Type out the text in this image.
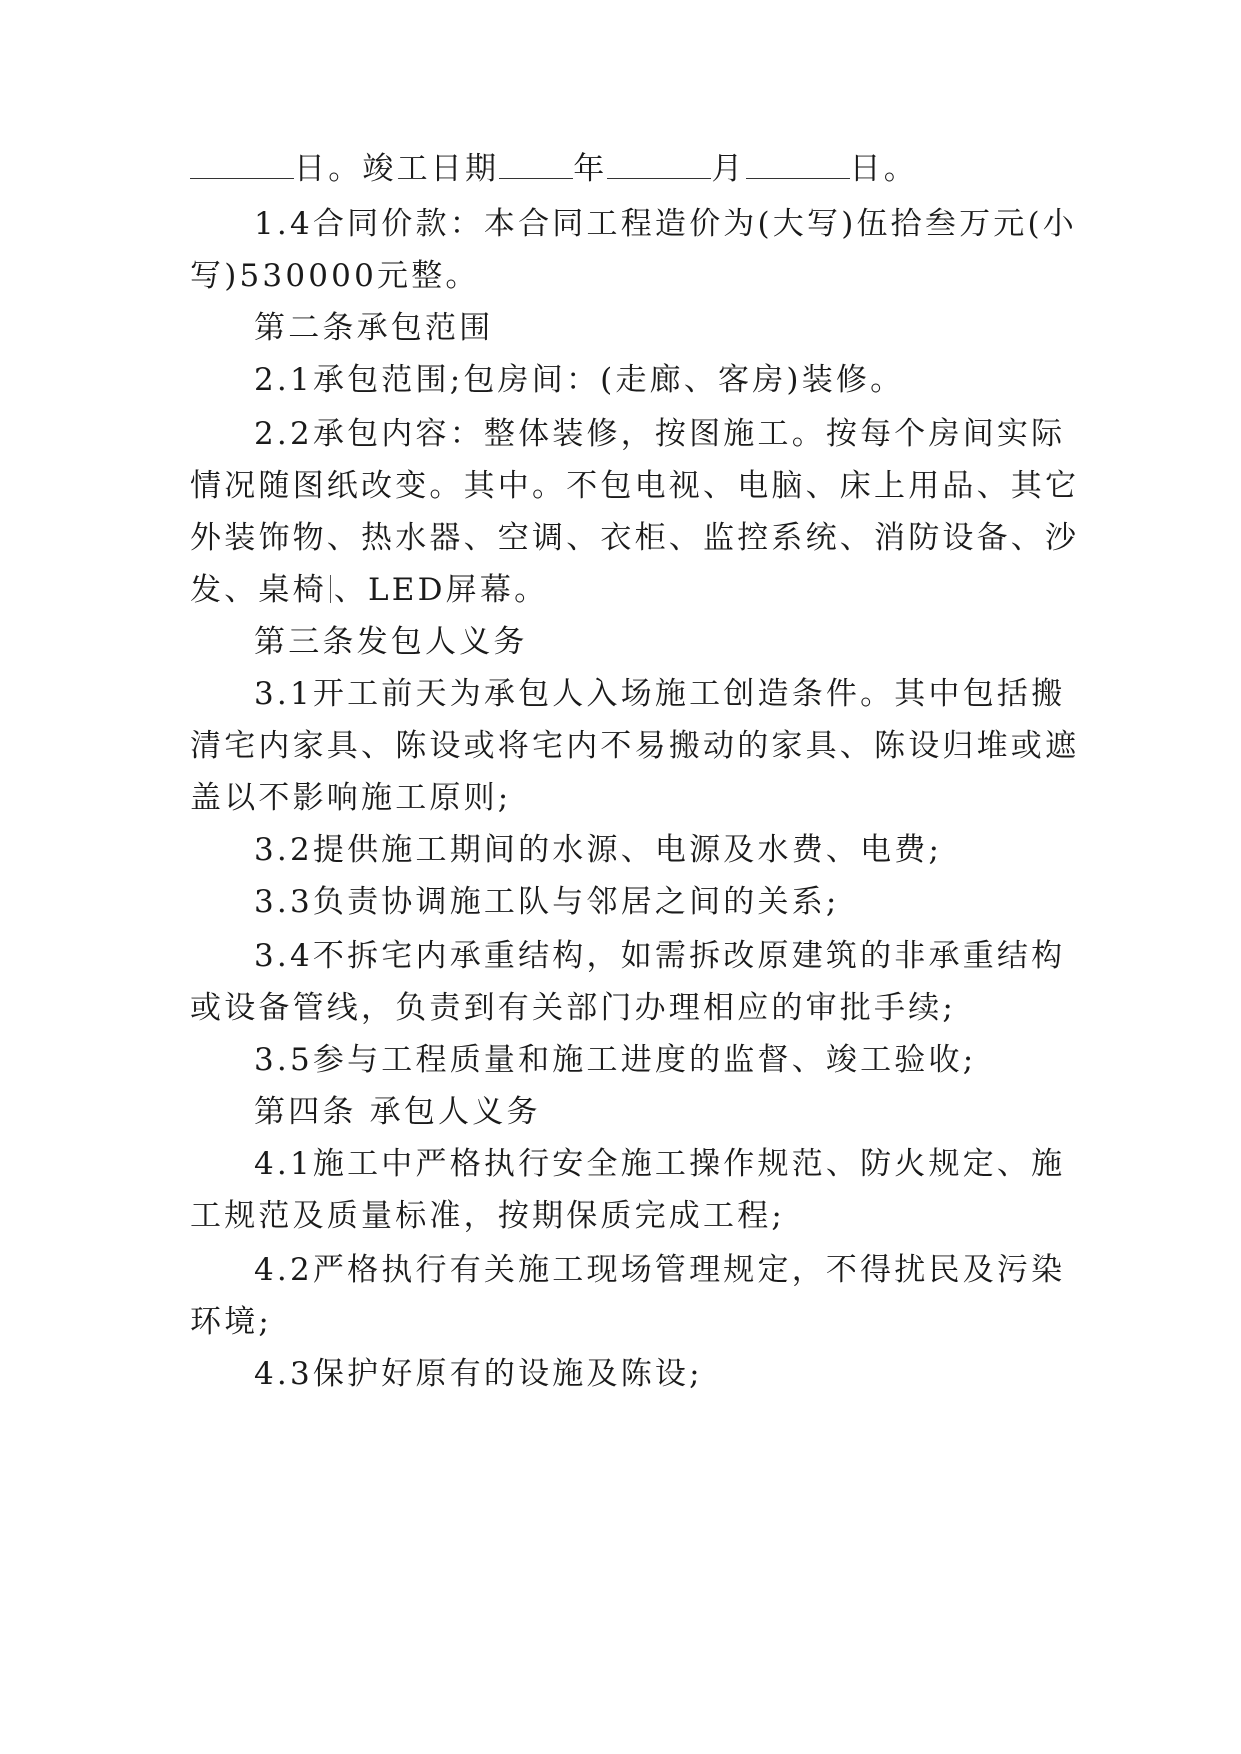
日。竣工日期 年	月	日。
1.4合同价款：本合同工程造价为(大写)伍拾叁万元(小
写)530000元整。
第二条承包范围
2.1承包范围;包房间：(走廊、客房)装修。
2.2承包内容：整体装修，按图施工。按每个房间实际
情况随图纸改变。其中。不包电视、电脑、床上用品、其它
外装饰物、热水器、空调、衣柜、监控系统、消防设备、沙
发、桌椅 、LED屏幕。
第三条发包人义务
3.1开工前天为承包人入场施工创造条件。其中包括搬
清宅内家具、陈设或将宅内不易搬动的家具、陈设归堆或遮
盖以不影响施工原则;
3.2提供施工期间的水源、电源及水费、电费;
3.3负责协调施工队与邻居之间的关系;
3.4不拆宅内承重结构，如需拆改原建筑的非承重结构
或设备管线，负责到有关部门办理相应的审批手续;
3.5参与工程质量和施工进度的监督、竣工验收;
第四条 承包人义务
4.1施工中严格执行安全施工操作规范、防火规定、施
工规范及质量标准，按期保质完成工程;
4.2严格执行有关施工现场管理规定，不得扰民及污染
环境;
4.3保护好原有的设施及陈设;
